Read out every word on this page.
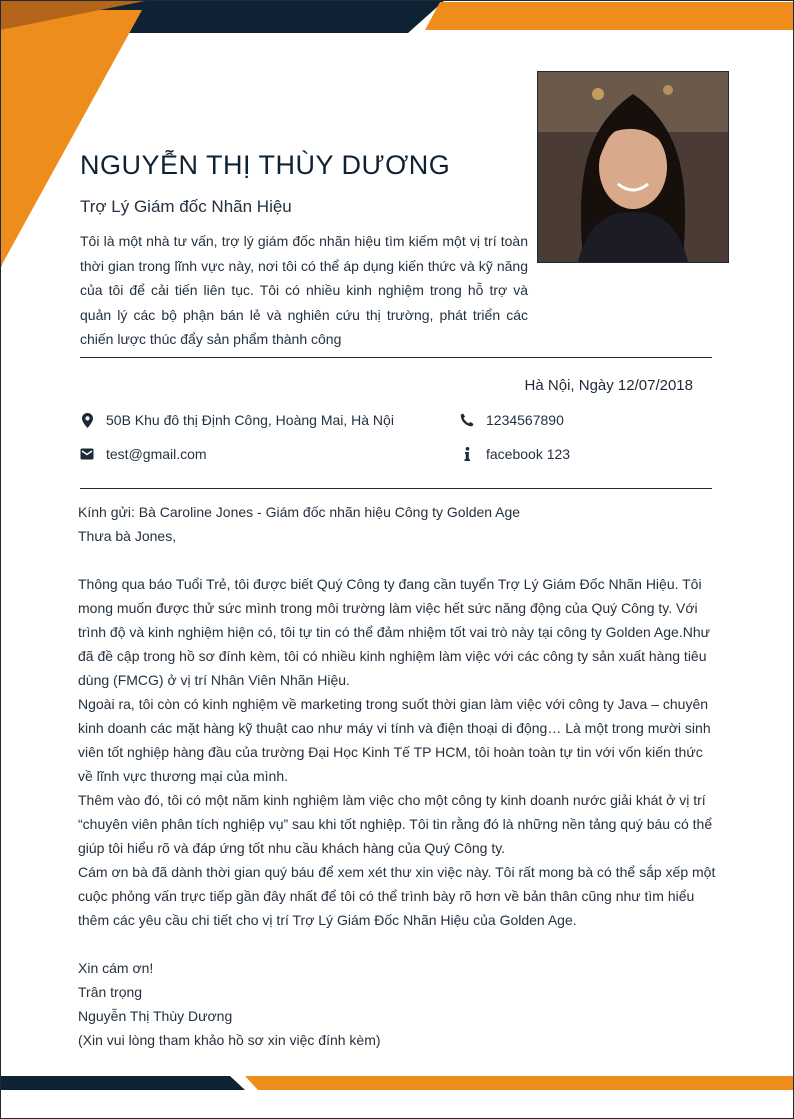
NGUYỄN THỊ THÙY DƯƠNG
Trợ Lý Giám đốc Nhãn Hiệu
Tôi là một nhà tư vấn, trợ lý giám đốc nhãn hiệu tìm kiếm một vị trí toàn thời gian trong lĩnh vực này, nơi tôi có thể áp dụng kiến thức và kỹ năng của tôi để cải tiến liên tục. Tôi có nhiều kinh nghiệm trong hỗ trợ và quản lý các bộ phận bán lẻ và nghiên cứu thị trường, phát triển các chiến lược thúc đẩy sản phẩm thành công
Hà Nội, Ngày 12/07/2018
50B Khu đô thị Định Công, Hoàng Mai, Hà Nội
test@gmail.com
1234567890
facebook 123

Kính gửi: Bà Caroline Jones - Giám đốc nhãn hiệu Công ty Golden Age

Thưa bà Jones,

Thông qua báo Tuổi Trẻ, tôi được biết Quý Công ty đang cần tuyển Trợ Lý Giám Đốc Nhãn Hiệu. Tôi mong muốn được thử sức mình trong môi trường làm việc hết sức năng động của Quý Công ty. Với trình độ và kinh nghiệm hiện có, tôi tự tin có thể đảm nhiệm tốt vai trò này tại công ty Golden Age.Như đã đề cập trong hồ sơ đính kèm, tôi có nhiều kinh nghiệm làm việc với các công ty sản xuất hàng tiêu dùng (FMCG) ở vị trí Nhân Viên Nhãn Hiệu.

Ngoài ra, tôi còn có kinh nghiệm về marketing trong suốt thời gian làm việc với công ty Java – chuyên kinh doanh các mặt hàng kỹ thuật cao như máy vi tính và điện thoại di động… Là một trong mười sinh viên tốt nghiệp hàng đầu của trường Đại Học Kinh Tế TP HCM, tôi hoàn toàn tự tin với vốn kiến thức về lĩnh vực thương mại của mình.

Thêm vào đó, tôi có một năm kinh nghiệm làm việc cho một công ty kinh doanh nước giải khát ở vị trí “chuyên viên phân tích nghiệp vụ” sau khi tốt nghiệp. Tôi tin rằng đó là những nền tảng quý báu có thể giúp tôi hiểu rõ và đáp ứng tốt nhu cầu khách hàng của Quý Công ty.

Cám ơn bà đã dành thời gian quý báu để xem xét thư xin việc này. Tôi rất mong bà có thể sắp xếp một cuộc phỏng vấn trực tiếp gần đây nhất để tôi có thể trình bày rõ hơn về bản thân cũng như tìm hiểu thêm các yêu cầu chi tiết cho vị trí Trợ Lý Giám Đốc Nhãn Hiệu của Golden Age.

Xin cám ơn!

Trân trọng

Nguyễn Thị Thùy Dương

(Xin vui lòng tham khảo hồ sơ xin việc đính kèm)
